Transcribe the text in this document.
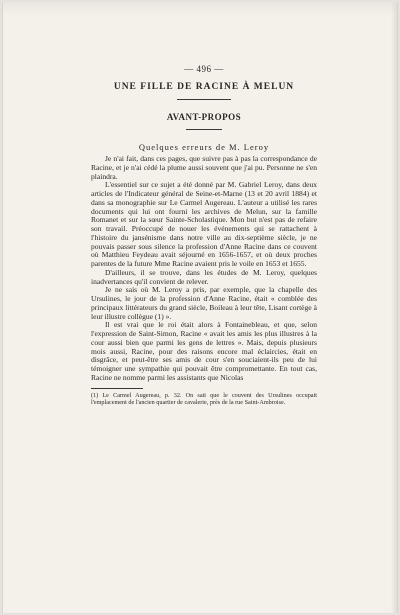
— 496 —
UNE FILLE DE RACINE À MELUN
AVANT-PROPOS
Quelques erreurs de M. Leroy

Je n'ai fait, dans ces pages, que suivre pas à pas la correspondance de Racine, et je n'ai cédé la plume aussi souvent que j'ai pu. Personne ne s'en plaindra.

L'essentiel sur ce sujet a été donné par M. Gabriel Leroy, dans deux articles de l'Indicateur général de Seine-et-Marne (13 et 20 avril 1884) et dans sa monographie sur Le Carmel Augereau. L'auteur a utilisé les rares documents qui lui ont fourni les archives de Melun, sur la famille Romanet et sur la sœur Sainte-Scholastique. Mon but n'est pas de refaire son travail. Préoccupé de nouer les événements qui se rattachent à l'histoire du jansénisme dans notre ville au dix-septième siècle, je ne pouvais passer sous silence la profession d'Anne Racine dans ce couvent où Matthieu Feydeau avait séjourné en 1656-1657, et où deux proches parentes de la future Mme Racine avaient pris le voile en 1653 et 1655.

D'ailleurs, il se trouve, dans les études de M. Leroy, quelques inadvertances qu'il convient de relever.

Je ne sais où M. Leroy a pris, par exemple, que la chapelle des Ursulines, le jour de la profession d'Anne Racine, était « comblée des principaux littérateurs du grand siècle, Boileau à leur tête, Lisant cortège à leur illustre collègue (1) ».

Il est vrai que le roi était alors à Fontainebleau, et que, selon l'expression de Saint-Simon, Racine « avait les amis les plus illustres à la cour aussi bien que parmi les gens de lettres ». Mais, depuis plusieurs mois aussi, Racine, pour des raisons encore mal éclaircies, était en disgrâce, et peut-être ses amis de cour s'en souciaient-ils peu de lui témoigner une sympathie qui pouvait être compromettante. En tout cas, Racine ne nomme parmi les assistants que Nicolas

(1) Le Carmel Augereau, p. 32. On sait que le couvent des Ursulines occupait l'emplacement de l'ancien quartier de cavalerie, près de la rue Saint-Ambroise.
